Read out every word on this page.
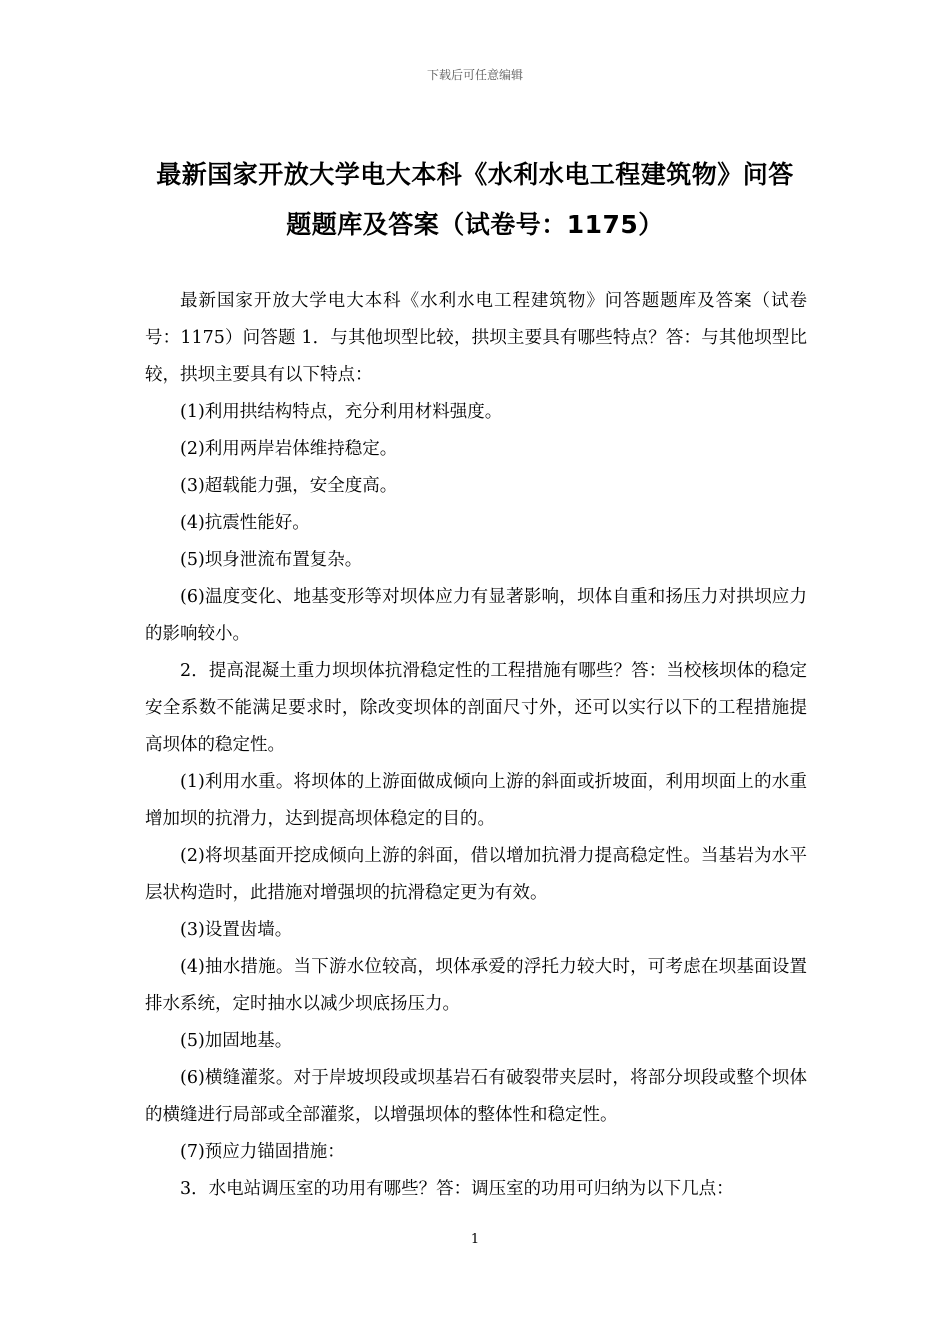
下载后可任意编辑
最新国家开放大学电大本科《水利水电工程建筑物》问答题题库及答案（试卷号：1175）

最新国家开放大学电大本科《水利水电工程建筑物》问答题题库及答案（试卷号：1175）问答题 1．与其他坝型比较，拱坝主要具有哪些特点？答：与其他坝型比较，拱坝主要具有以下特点：

(1)利用拱结构特点，充分利用材料强度。

(2)利用两岸岩体维持稳定。

(3)超载能力强，安全度高。

(4)抗震性能好。

(5)坝身泄流布置复杂。

(6)温度变化、地基变形等对坝体应力有显著影响，坝体自重和扬压力对拱坝应力的影响较小。

2．提高混凝土重力坝坝体抗滑稳定性的工程措施有哪些？答：当校核坝体的稳定安全系数不能满足要求时，除改变坝体的剖面尺寸外，还可以实行以下的工程措施提高坝体的稳定性。

(1)利用水重。将坝体的上游面做成倾向上游的斜面或折坡面，利用坝面上的水重增加坝的抗滑力，达到提高坝体稳定的目的。

(2)将坝基面开挖成倾向上游的斜面，借以增加抗滑力提高稳定性。当基岩为水平层状构造时，此措施对增强坝的抗滑稳定更为有效。

(3)设置齿墙。

(4)抽水措施。当下游水位较高，坝体承爱的浮托力较大时，可考虑在坝基面设置排水系统，定时抽水以减少坝底扬压力。

(5)加固地基。

(6)横缝灌浆。对于岸坡坝段或坝基岩石有破裂带夹层时，将部分坝段或整个坝体的横缝进行局部或全部灌浆，以增强坝体的整体性和稳定性。

(7)预应力锚固措施：

3．水电站调压室的功用有哪些？答：调压室的功用可归纳为以下几点：

1
